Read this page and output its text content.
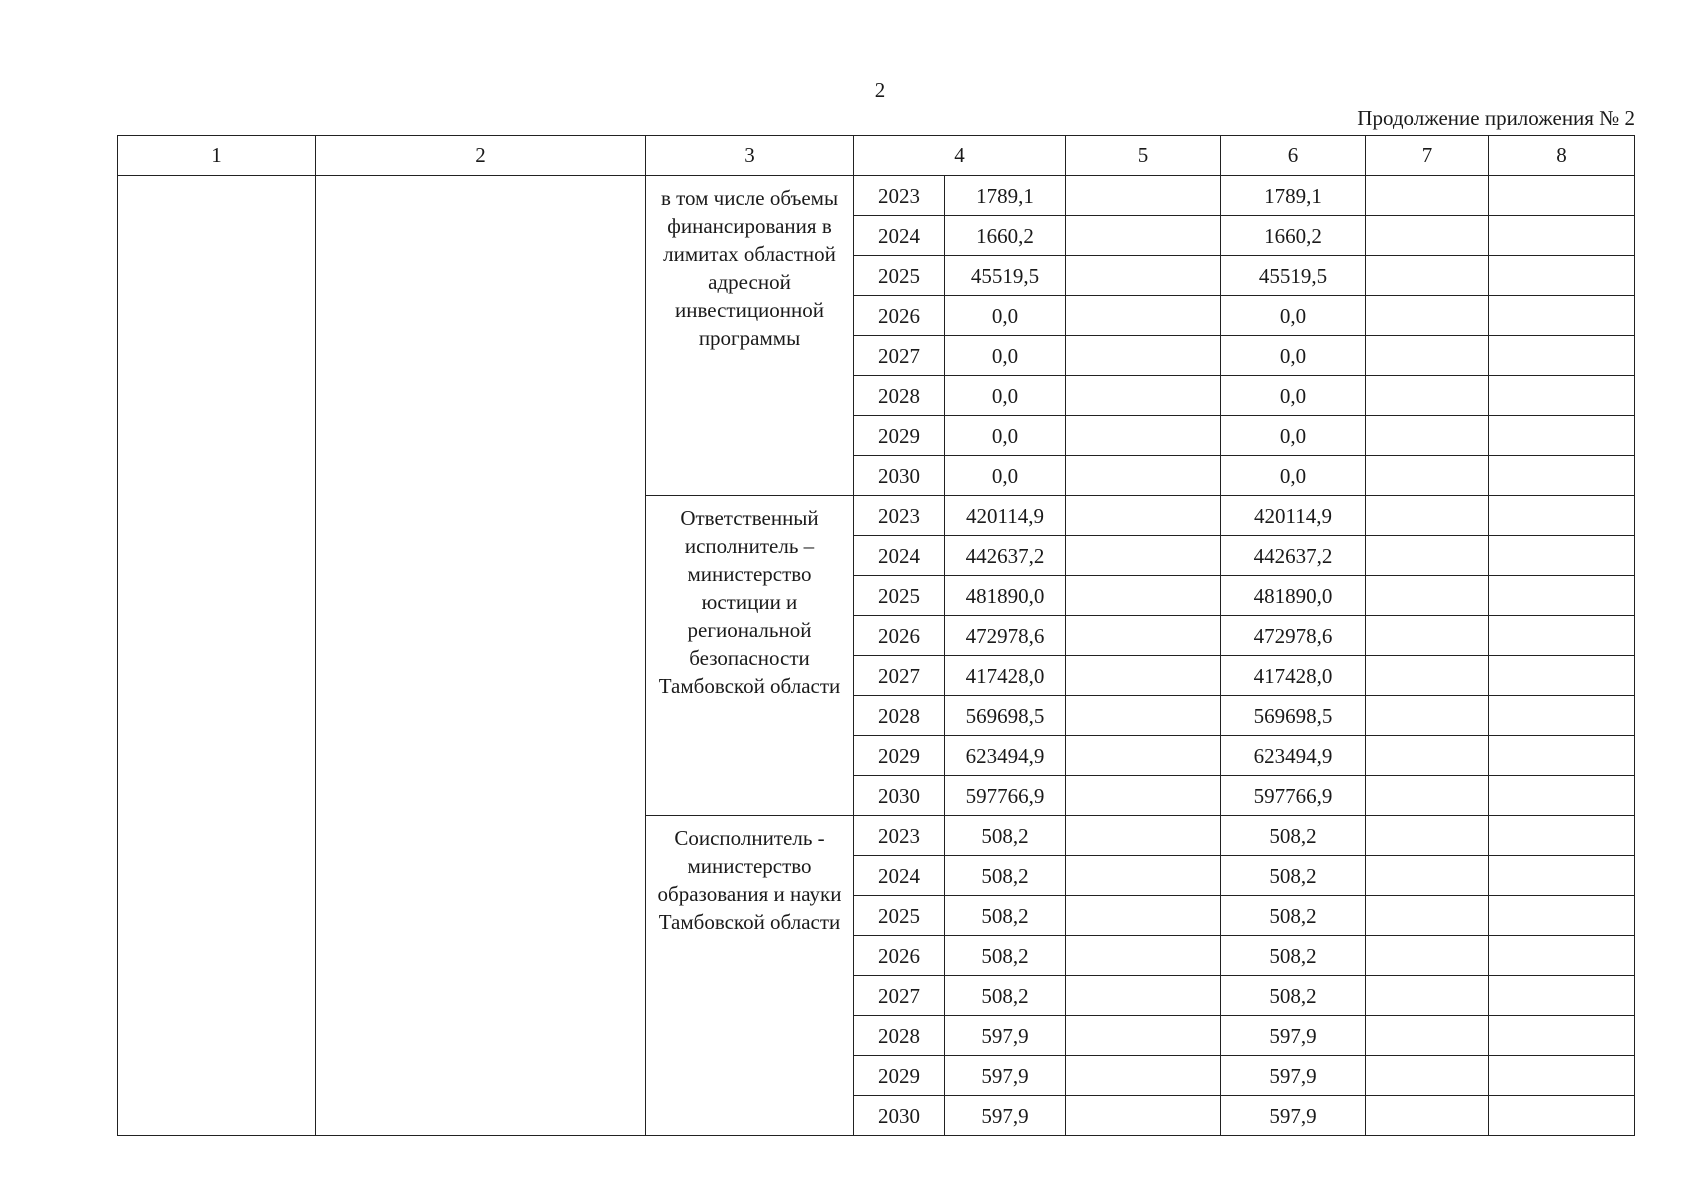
2
Продолжение приложения № 2
1	2	3	4		5	6	7	8
		в том числе объемы финансирования в лимитах областной адресной инвестиционной программы	2023	1789,1		1789,1		
			2024	1660,2		1660,2		
			2025	45519,5		45519,5		
			2026	0,0		0,0		
			2027	0,0		0,0		
			2028	0,0		0,0		
			2029	0,0		0,0		
			2030	0,0		0,0		
		Ответственный исполнитель – министерство юстиции и региональной безопасности Тамбовской области	2023	420114,9		420114,9		
			2024	442637,2		442637,2		
			2025	481890,0		481890,0		
			2026	472978,6		472978,6		
			2027	417428,0		417428,0		
			2028	569698,5		569698,5		
			2029	623494,9		623494,9		
			2030	597766,9		597766,9		
		Соисполнитель - министерство образования и науки Тамбовской области	2023	508,2		508,2		
			2024	508,2		508,2		
			2025	508,2		508,2		
			2026	508,2		508,2		
			2027	508,2		508,2		
			2028	597,9		597,9		
			2029	597,9		597,9		
			2030	597,9		597,9		
